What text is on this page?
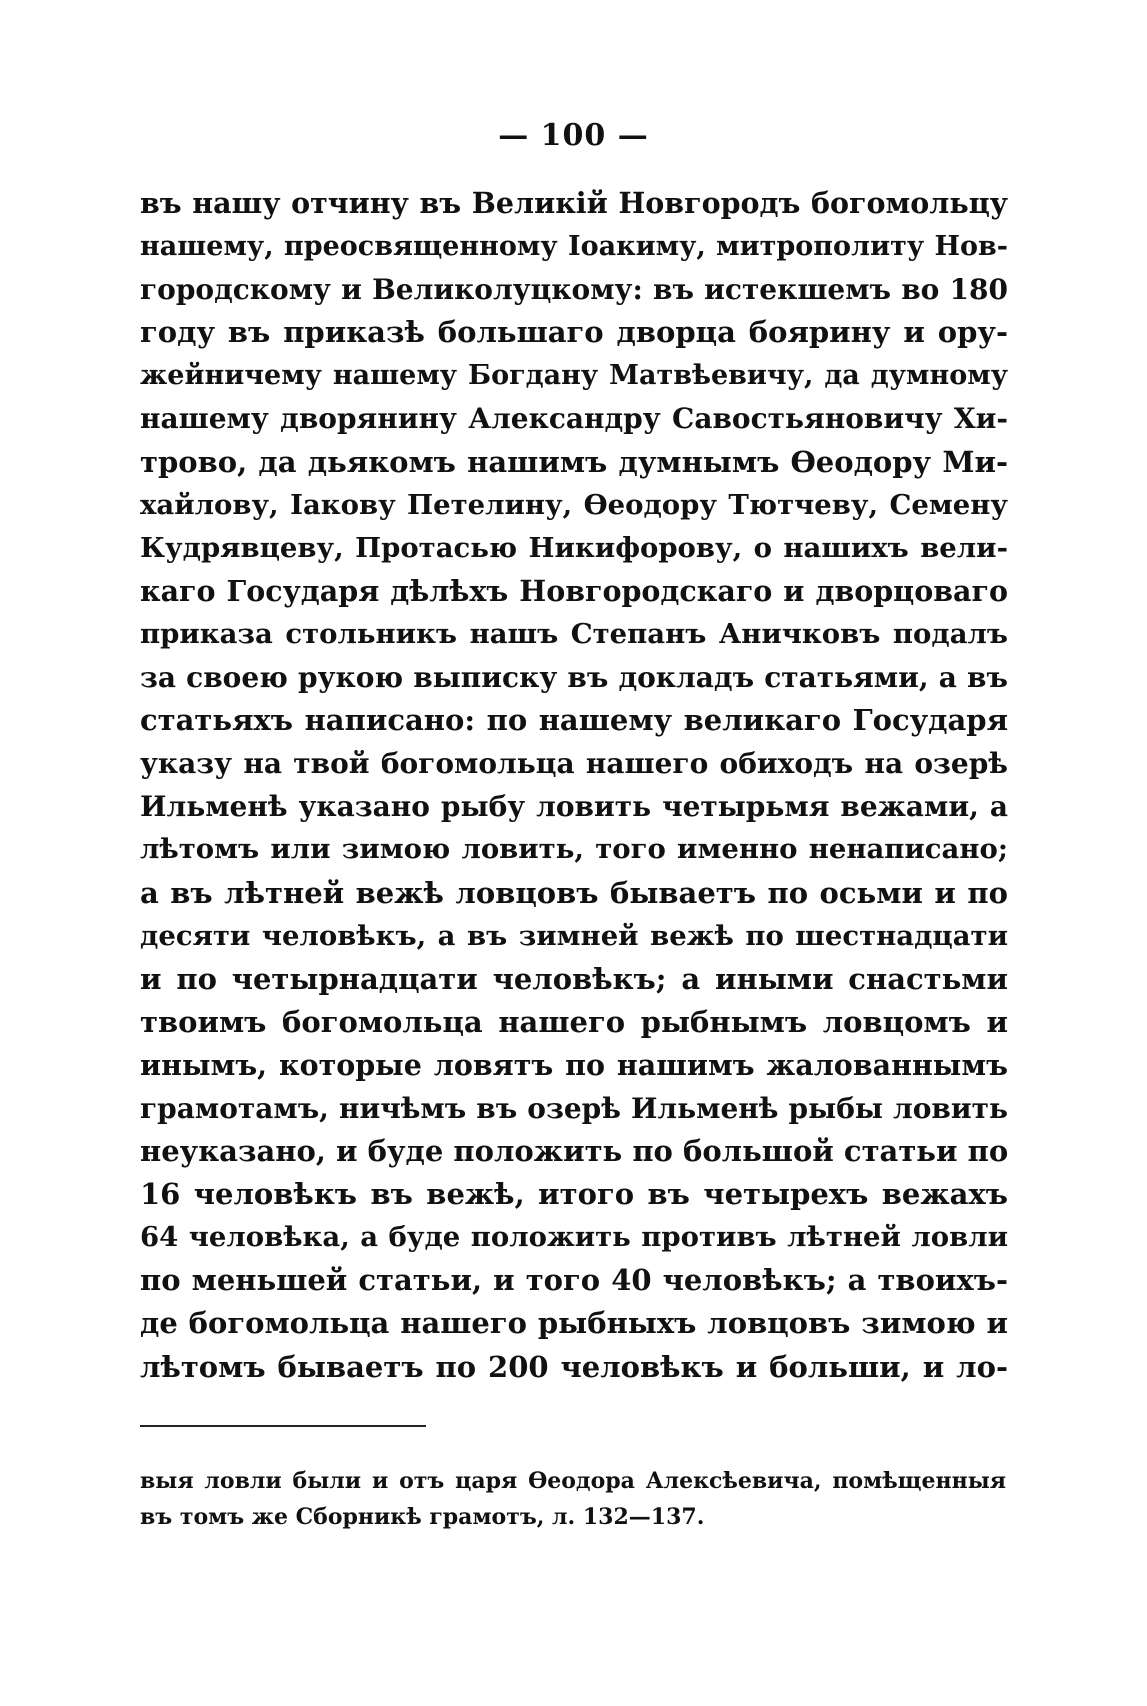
— 100 —
въ нашу отчину въ Великій Новгородъ богомольцу
нашему, преосвященному Іоакиму, митрополиту Нов-
городскому и Великолуцкому: въ истекшемъ во 180
году въ приказѣ большаго дворца боярину и ору-
жейничему нашему Богдану Матвѣевичу, да думному
нашему дворянину Александру Савостьяновичу Хи-
трово, да дьякомъ нашимъ думнымъ Ѳеодору Ми-
хайлову, Іакову Петелину, Ѳеодору Тютчеву, Семену
Кудрявцеву, Протасью Никифорову, о нашихъ вели-
каго Государя дѣлѣхъ Новгородскаго и дворцоваго
приказа стольникъ нашъ Степанъ Аничковъ подалъ
за своею рукою выписку въ докладъ статьями, а въ
статьяхъ написано: по нашему великаго Государя
указу на твой богомольца нашего обиходъ на озерѣ
Ильменѣ указано рыбу ловить четырьмя вежами, а
лѣтомъ или зимою ловить, того именно ненаписано;
а въ лѣтней вежѣ ловцовъ бываетъ по осьми и по
десяти человѣкъ, а въ зимней вежѣ по шестнадцати
и по четырнадцати человѣкъ; а иными снастьми
твоимъ богомольца нашего рыбнымъ ловцомъ и
инымъ, которые ловятъ по нашимъ жалованнымъ
грамотамъ, ничѣмъ въ озерѣ Ильменѣ рыбы ловить
неуказано, и буде положить по большой статьи по
16 человѣкъ въ вежѣ, итого въ четырехъ вежахъ
64 человѣка, а буде положить противъ лѣтней ловли
по меньшей статьи, и того 40 человѣкъ; а твоихъ-
де богомольца нашего рыбныхъ ловцовъ зимою и
лѣтомъ бываетъ по 200 человѣкъ и больши, и ло-
выя ловли были и отъ царя Ѳеодора Алексѣевича, помѣщенныя
въ томъ же Сборникѣ грамотъ, л. 132—137.
